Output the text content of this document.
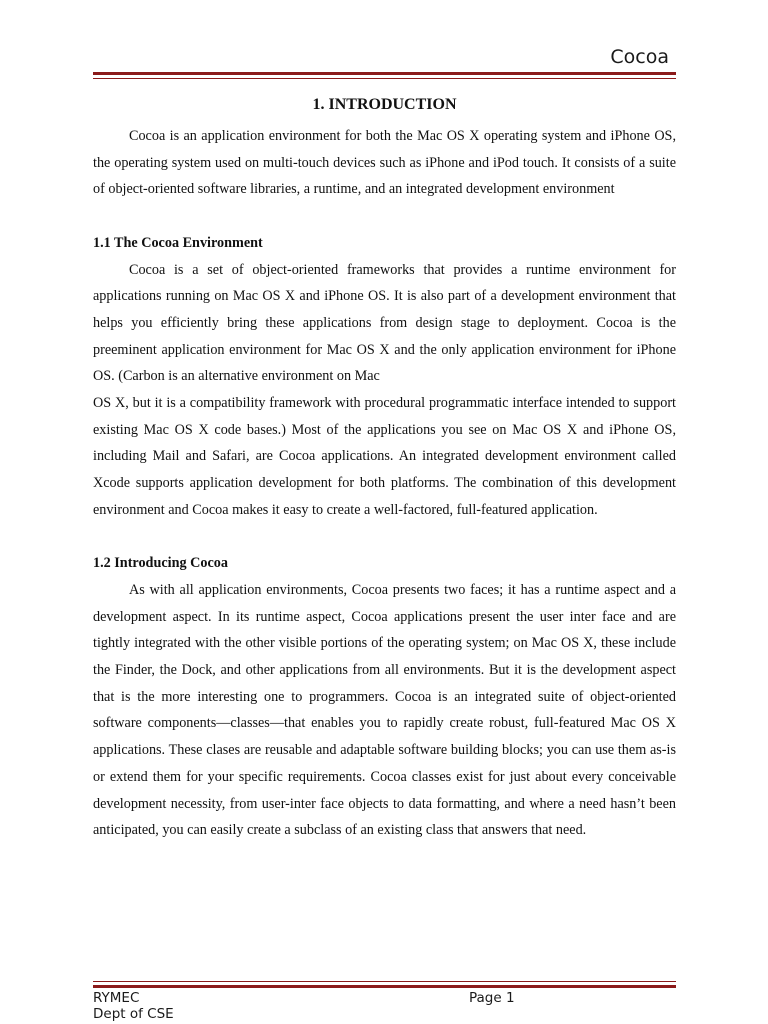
Cocoa
1. INTRODUCTION

Cocoa is an application environment for both the Mac OS X operating system and iPhone OS, the operating system used on multi-touch devices such as iPhone and iPod touch. It consists of a suite of object-oriented software libraries, a runtime, and an integrated development environment

1.1 The Cocoa Environment

Cocoa is a set of object-oriented frameworks that provides a runtime environment for applications running on Mac OS X and iPhone OS. It is also part of a development environment that helps you efficiently bring these applications from design stage to deployment. Cocoa is the preeminent application environment for Mac OS X and the only application environment for iPhone OS. (Carbon is an alternative environment on Mac

OS X, but it is a compatibility framework with procedural programmatic interface intended to support existing Mac OS X code bases.) Most of the applications you see on Mac OS X and iPhone OS, including Mail and Safari, are Cocoa applications. An integrated development environment called Xcode supports application development for both platforms. The combination of this development environment and Cocoa makes it easy to create a well-factored, full-featured application.

1.2 Introducing Cocoa

As with all application environments, Cocoa presents two faces; it has a runtime aspect and a development aspect. In its runtime aspect, Cocoa applications present the user inter face and are tightly integrated with the other visible portions of the operating system; on Mac OS X, these include the Finder, the Dock, and other applications from all environments. But it is the development aspect that is the more interesting one to programmers. Cocoa is an integrated suite of object-oriented software components—classes—that enables you to rapidly create robust, full-featured Mac OS X applications. These clases are reusable and adaptable software building blocks; you can use them as-is or extend them for your specific requirements. Cocoa classes exist for just about every conceivable development necessity, from user-inter face objects to data formatting, and where a need hasn’t been anticipated, you can easily create a subclass of an existing class that answers that need.

RYMEC	Page 1
Dept of CSE
